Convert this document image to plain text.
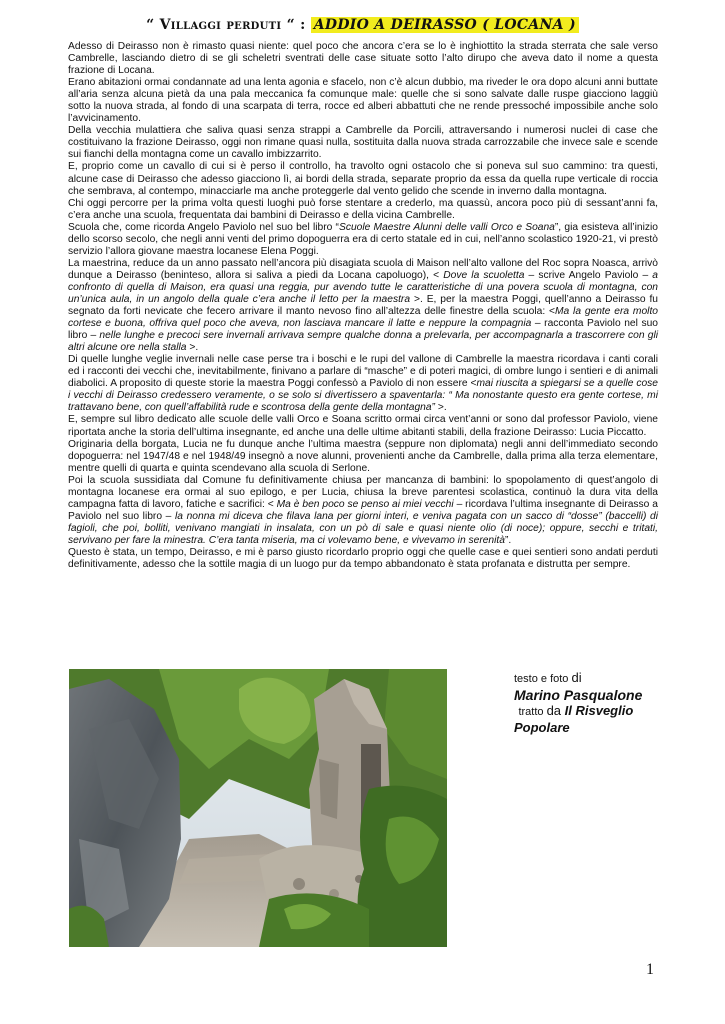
“ Villaggi perduti “ : ADDIO A DEIRASSO ( LOCANA )

Adesso di Deirasso non è rimasto quasi niente: quel poco che ancora c’era se lo è inghiottito la strada sterrata che sale verso Cambrelle, lasciando dietro di se gli scheletri sventrati delle case situate sotto l’alto dirupo che aveva dato il nome a questa frazione di Locana.

Erano abitazioni ormai condannate ad una lenta agonia e sfacelo, non c’è alcun dubbio, ma riveder le ora dopo alcuni anni buttate all’aria senza alcuna pietà da una pala meccanica fa comunque male: quelle che si sono salvate dalle ruspe giacciono laggiù sotto la nuova strada, al fondo di una scarpata di terra, rocce ed alberi abbattuti che ne rende pressoché impossibile anche solo l’avvicinamento.

Della vecchia mulattiera che saliva quasi senza strappi a Cambrelle da Porcili, attraversando i numerosi nuclei di case che costituivano la frazione Deirasso, oggi non rimane quasi nulla, sostituita dalla nuova strada carrozzabile che invece sale e scende sui fianchi della montagna come un cavallo imbizzarrito.

E, proprio come un cavallo di cui si è perso il controllo, ha travolto ogni ostacolo che si poneva sul suo cammino: tra questi, alcune case di Deirasso che adesso giacciono lì, ai bordi della strada, separate proprio da essa da quella rupe verticale di roccia che sembrava, al contempo, minacciarle ma anche proteggerle dal vento gelido che scende in inverno dalla montagna.

Chi oggi percorre per la prima volta questi luoghi può forse stentare a crederlo, ma quassù, ancora poco più di sessant’anni fa, c’era anche una scuola, frequentata dai bambini di Deirasso e della vicina Cambrelle.

Scuola che, come ricorda Angelo Paviolo nel suo bel libro “Scuole Maestre Alunni delle valli Orco e Soana”, gia esisteva all’inizio dello scorso secolo, che negli anni venti del primo dopoguerra era di certo statale ed in cui, nell’anno scolastico 1920-21, vi prestò servizio l’allora giovane maestra locanese Elena Poggi.

La maestrina, reduce da un anno passato nell’ancora più disagiata scuola di Maison nell’alto vallone del Roc sopra Noasca, arrivò dunque a Deirasso (beninteso, allora si saliva a piedi da Locana capoluogo), < Dove la scuoletta – scrive Angelo Paviolo – a confronto di quella di Maison, era quasi una reggia, pur avendo tutte le caratteristiche di una povera scuola di montagna, con un’unica aula, in un angolo della quale c’era anche il letto per la maestra >. E, per la maestra Poggi, quell’anno a Deirasso fu segnato da forti nevicate che fecero arrivare il manto nevoso fino all’altezza delle finestre della scuola: <Ma la gente era molto cortese e buona, offriva quel poco che aveva, non lasciava mancare il latte e neppure la compagnia – racconta Paviolo nel suo libro – nelle lunghe e precoci sere invernali arrivava sempre qualche donna a prelevarla, per accompagnarla a trascorrere con gli altri alcune ore nella stalla >.

Di quelle lunghe veglie invernali nelle case perse tra i boschi e le rupi del vallone di Cambrelle la maestra ricordava i canti corali ed i racconti dei vecchi che, inevitabilmente, finivano a parlare di “masche” e di poteri magici, di ombre lungo i sentieri e di animali diabolici. A proposito di queste storie la maestra Poggi confessò a Paviolo di non essere <mai riuscita a spiegarsi se a quelle cose i vecchi di Deirasso credessero veramente, o se solo si divertissero a spaventarla: “ Ma nonostante questo era gente cortese, mi trattavano bene, con quell’affabilità rude e scontrosa della gente della montagna” >.

E, sempre sul libro dedicato alle scuole delle valli Orco e Soana scritto ormai circa vent’anni or sono dal professor Paviolo, viene riportata anche la storia dell’ultima insegnante, ed anche una delle ultime abitanti stabili, della frazione Deirasso: Lucia Piccatto.

Originaria della borgata, Lucia ne fu dunque anche l’ultima maestra (seppure non diplomata) negli anni dell’immediato secondo dopoguerra: nel 1947/48 e nel 1948/49 insegnò a nove alunni, provenienti anche da Cambrelle, dalla prima alla terza elementare, mentre quelli di quarta e quinta scendevano alla scuola di Serlone.

Poi la scuola sussidiata dal Comune fu definitivamente chiusa per mancanza di bambini: lo spopolamento di quest’angolo di montagna locanese era ormai al suo epilogo, e per Lucia, chiusa la breve parentesi scolastica, continuò la dura vita della campagna fatta di lavoro, fatiche e sacrifici: < Ma è ben poco se penso ai miei vecchi – ricordava l’ultima insegnante di Deirasso a Paviolo nel suo libro – la nonna mi diceva che filava lana per giorni interi, e veniva pagata con un sacco di “dosse” (baccelli) di fagioli, che poi, bolliti, venivano mangiati in insalata, con un pò di sale e quasi niente olio (di noce); oppure, secchi e tritati, servivano per fare la minestra. C’era tanta miseria, ma ci volevamo bene, e vivevamo in serenità”.

Questo è stata, un tempo, Deirasso, e mi è parso giusto ricordarlo proprio oggi che quelle case e quei sentieri sono andati perduti definitivamente, adesso che la sottile magia di un luogo pur da tempo abbandonato è stata profanata e distrutta per sempre.

testo e foto di
Marino Pasqualone
tratto da Il Risveglio
Popolare
1
